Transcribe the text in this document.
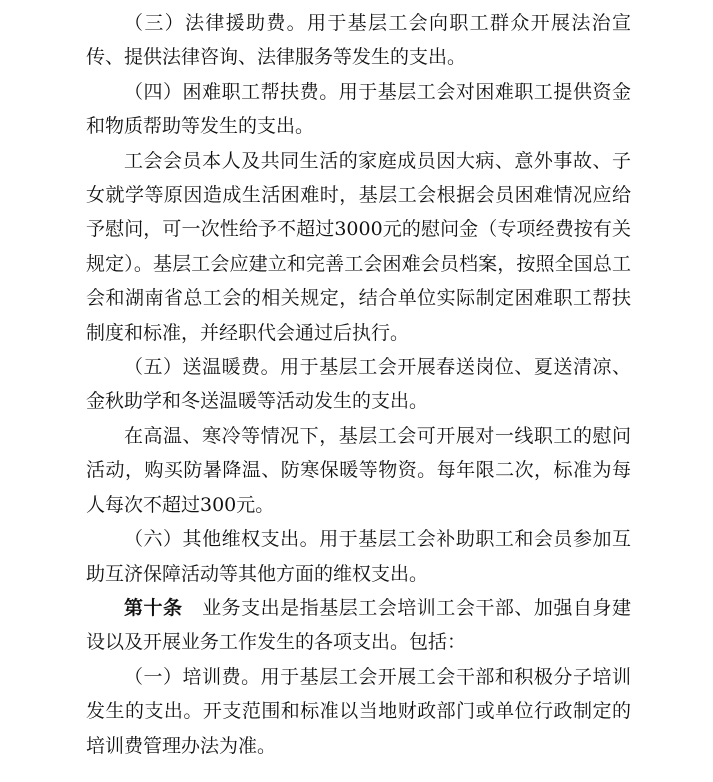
（三）法律援助费。用于基层工会向职工群众开展法治宣传、提供法律咨询、法律服务等发生的支出。

（四）困难职工帮扶费。用于基层工会对困难职工提供资金和物质帮助等发生的支出。

工会会员本人及共同生活的家庭成员因大病、意外事故、子女就学等原因造成生活困难时，基层工会根据会员困难情况应给予慰问，可一次性给予不超过3000元的慰问金（专项经费按有关规定）。基层工会应建立和完善工会困难会员档案，按照全国总工会和湖南省总工会的相关规定，结合单位实际制定困难职工帮扶制度和标准，并经职代会通过后执行。

（五）送温暖费。用于基层工会开展春送岗位、夏送清凉、金秋助学和冬送温暖等活动发生的支出。

在高温、寒冷等情况下，基层工会可开展对一线职工的慰问活动，购买防暑降温、防寒保暖等物资。每年限二次，标准为每人每次不超过300元。

（六）其他维权支出。用于基层工会补助职工和会员参加互助互济保障活动等其他方面的维权支出。

第十条　业务支出是指基层工会培训工会干部、加强自身建设以及开展业务工作发生的各项支出。包括：

（一）培训费。用于基层工会开展工会干部和积极分子培训发生的支出。开支范围和标准以当地财政部门或单位行政制定的培训费管理办法为准。
